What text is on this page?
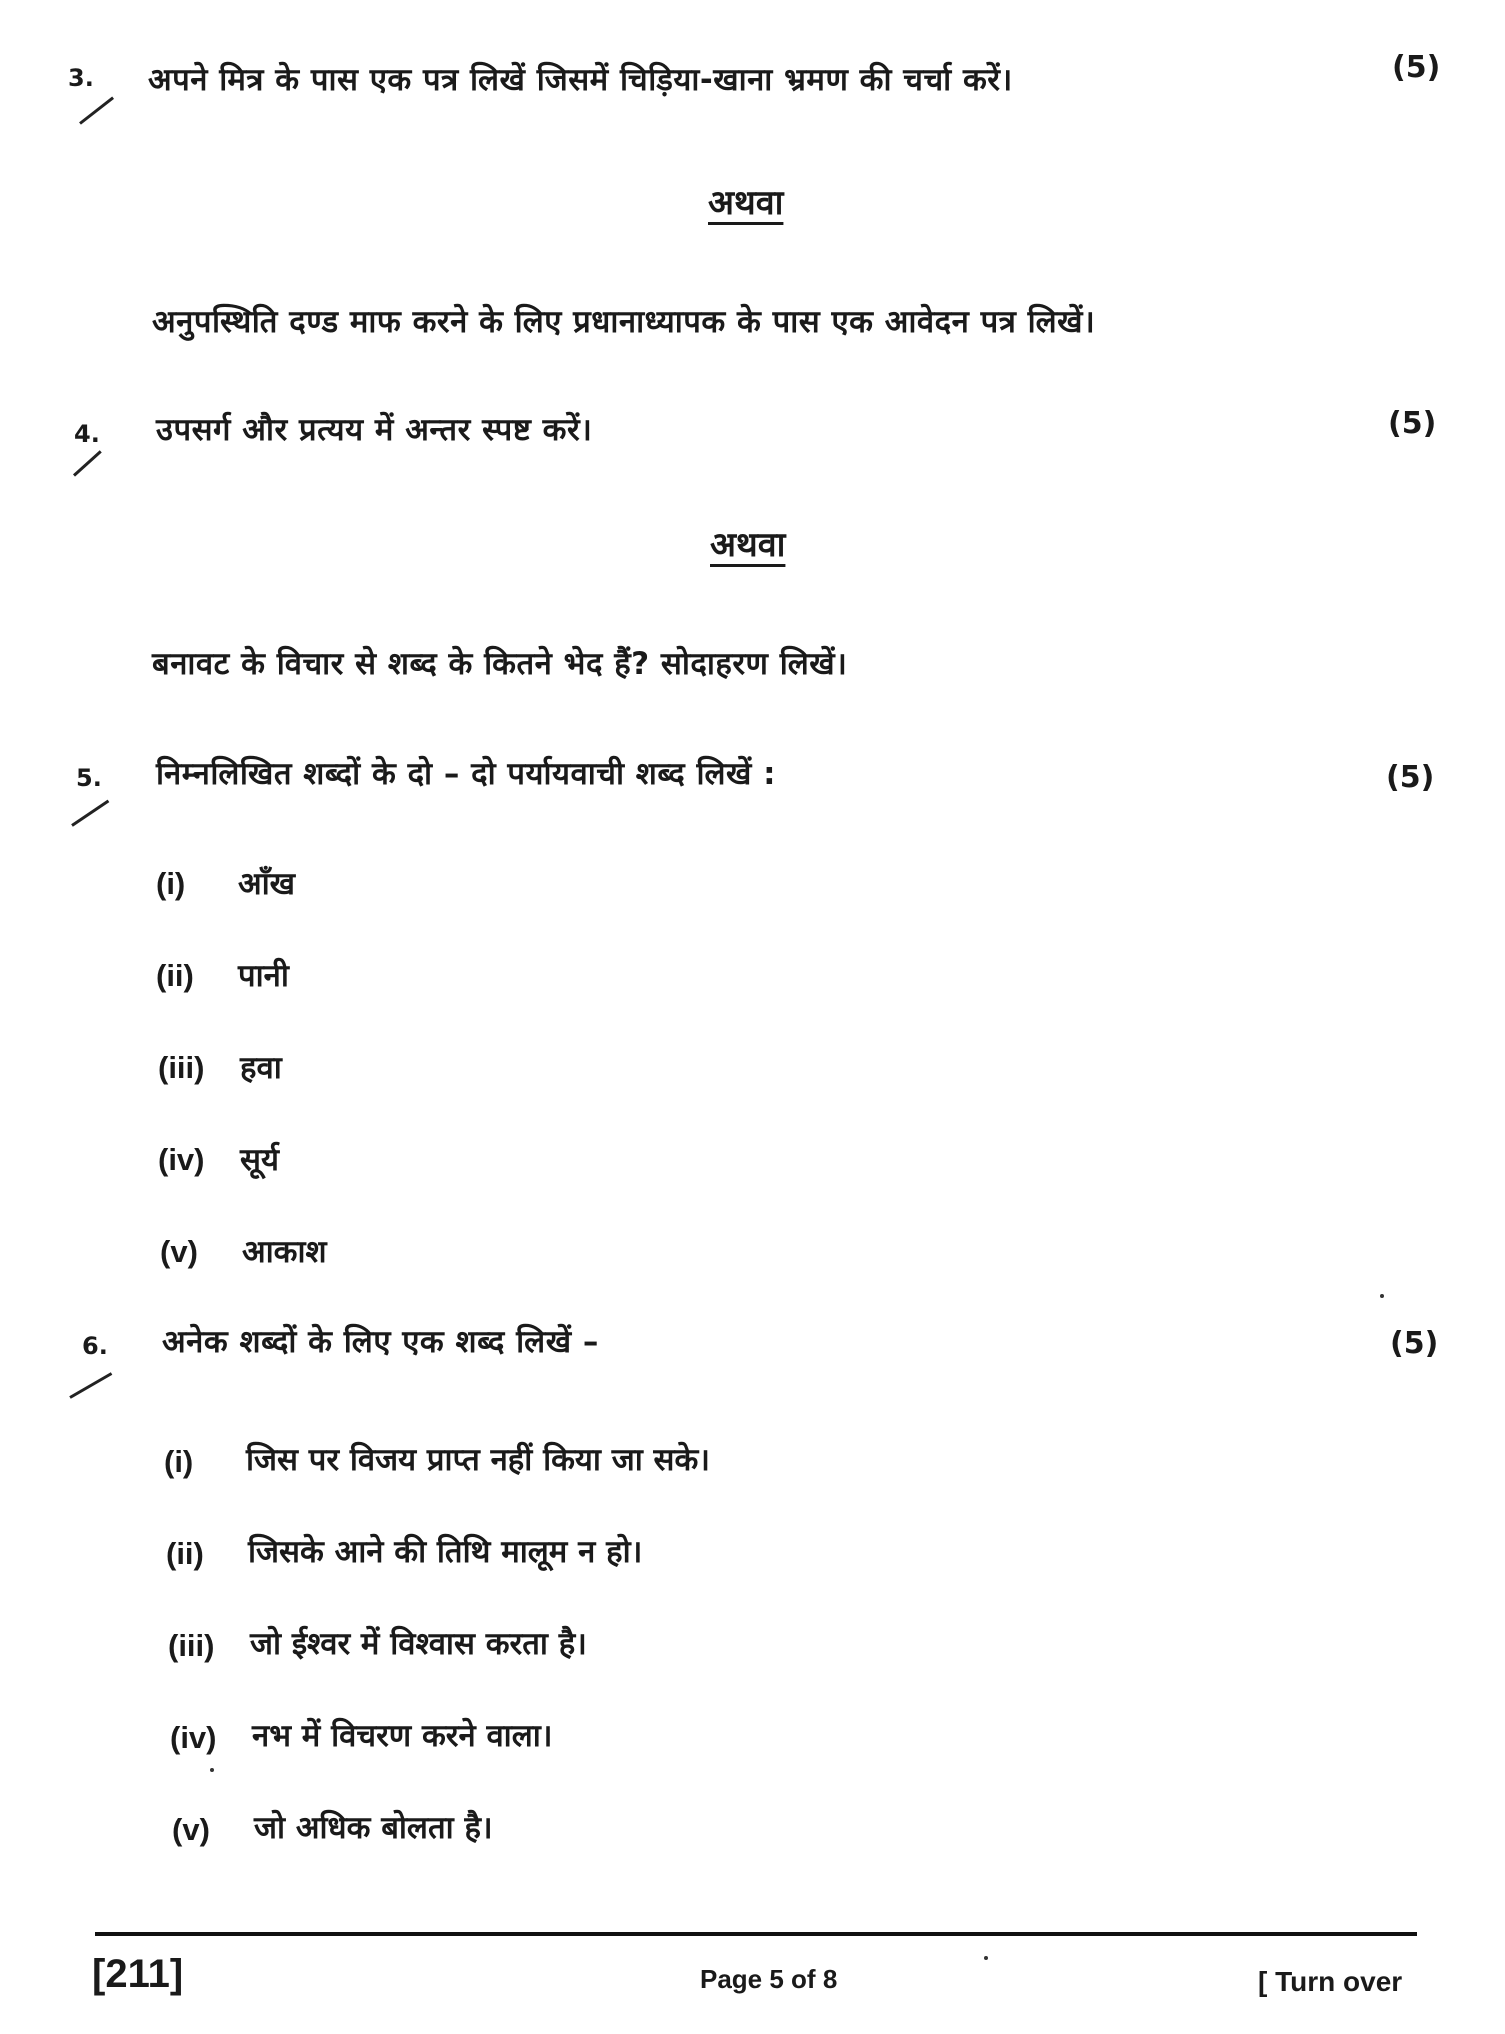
3. अपने मित्र के पास एक पत्र लिखें जिसमें चिड़िया-खाना भ्रमण की चर्चा करें।	(5)
अथवा
अनुपस्थिति दण्ड माफ करने के लिए प्रधानाध्यापक के पास एक आवेदन पत्र लिखें।
4. उपसर्ग और प्रत्यय में अन्तर स्पष्ट करें।	(5)
अथवा
बनावट के विचार से शब्द के कितने भेद हैं? सोदाहरण लिखें।
5. निम्नलिखित शब्दों के दो – दो पर्यायवाची शब्द लिखें :	(5)
(i) आँख
(ii) पानी
(iii) हवा
(iv) सूर्य
(v) आकाश
6. अनेक शब्दों के लिए एक शब्द लिखें –	(5)
(i) जिस पर विजय प्राप्त नहीं किया जा सके।
(ii) जिसके आने की तिथि मालूम न हो।
(iii) जो ईश्वर में विश्वास करता है।
(iv) नभ में विचरण करने वाला।
(v) जो अधिक बोलता है।
[211]	Page 5 of 8	[ Turn over
